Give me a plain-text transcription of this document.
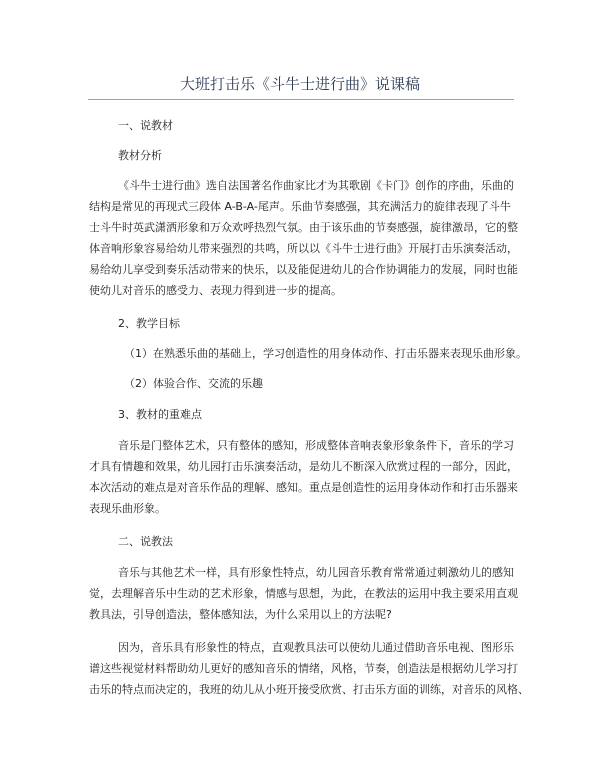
大班打击乐《斗牛士进行曲》说课稿
一、说教材
教材分析
《斗牛士进行曲》选自法国著名作曲家比才为其歌剧《卡门》创作的序曲，乐曲的
结构是常见的再现式三段体 A-B-A-尾声。乐曲节奏感强，其充满活力的旋律表现了斗牛
士斗牛时英武潇洒形象和万众欢呼热烈气氛。由于该乐曲的节奏感强，旋律激昂，它的整
体音响形象容易给幼儿带来强烈的共鸣，所以以《斗牛士进行曲》开展打击乐演奏活动，
易给幼儿享受到奏乐活动带来的快乐，以及能促进幼儿的合作协调能力的发展，同时也能
使幼儿对音乐的感受力、表现力得到进一步的提高。
2、教学目标
（1）在熟悉乐曲的基础上，学习创造性的用身体动作、打击乐器来表现乐曲形象。
（2）体验合作、交流的乐趣
3、教材的重难点
音乐是门整体艺术，只有整体的感知，形成整体音响表象形象条件下，音乐的学习
才具有情趣和效果，幼儿园打击乐演奏活动，是幼儿不断深入欣赏过程的一部分，因此，
本次活动的难点是对音乐作品的理解、感知。重点是创造性的运用身体动作和打击乐器来
表现乐曲形象。
二、说教法
音乐与其他艺术一样，具有形象性特点，幼儿园音乐教育常常通过刺激幼儿的感知
觉，去理解音乐中生动的艺术形象，情感与思想，为此，在教法的运用中我主要采用直观
教具法，引导创造法，整体感知法，为什么采用以上的方法呢?
因为，音乐具有形象性的特点，直观教具法可以使幼儿通过借助音乐电视、图形乐
谱这些视觉材料帮助幼儿更好的感知音乐的情绪，风格，节奏，创造法是根据幼儿学习打
击乐的特点而决定的，我班的幼儿从小班开接受欣赏、打击乐方面的训练，对音乐的风格、
